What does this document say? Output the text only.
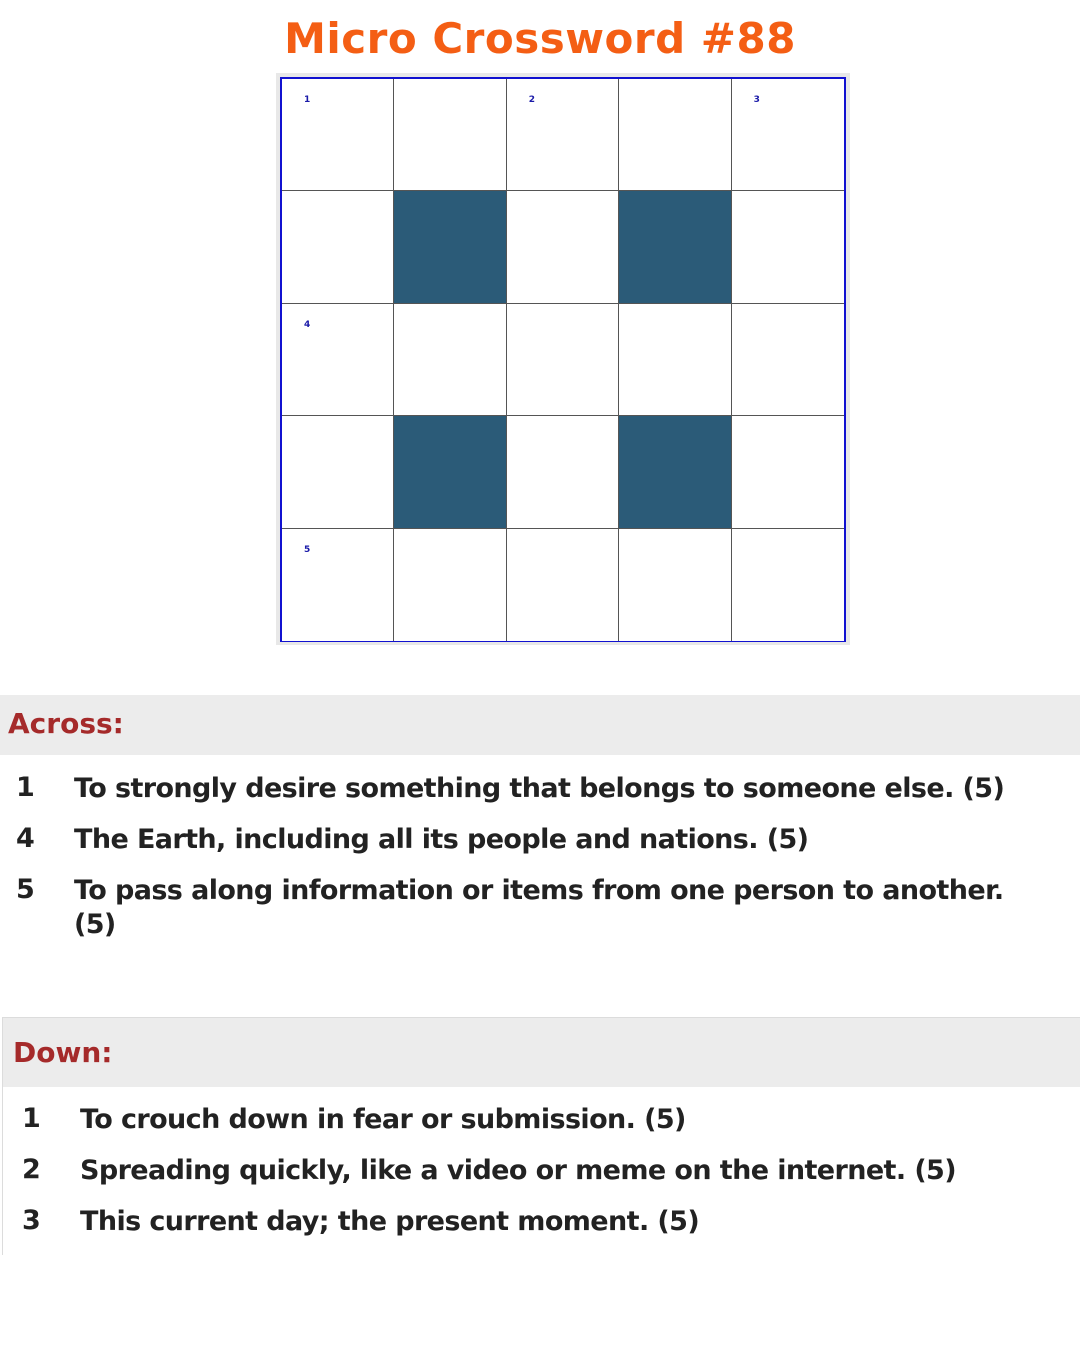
Micro Crossword #88
1	2	3
4
5
Across:
1 To strongly desire something that belongs to someone else. (5)
4 The Earth, including all its people and nations. (5)
5 To pass along information or items from one person to another. (5)
Down:
1 To crouch down in fear or submission. (5)
2 Spreading quickly, like a video or meme on the internet. (5)
3 This current day; the present moment. (5)
